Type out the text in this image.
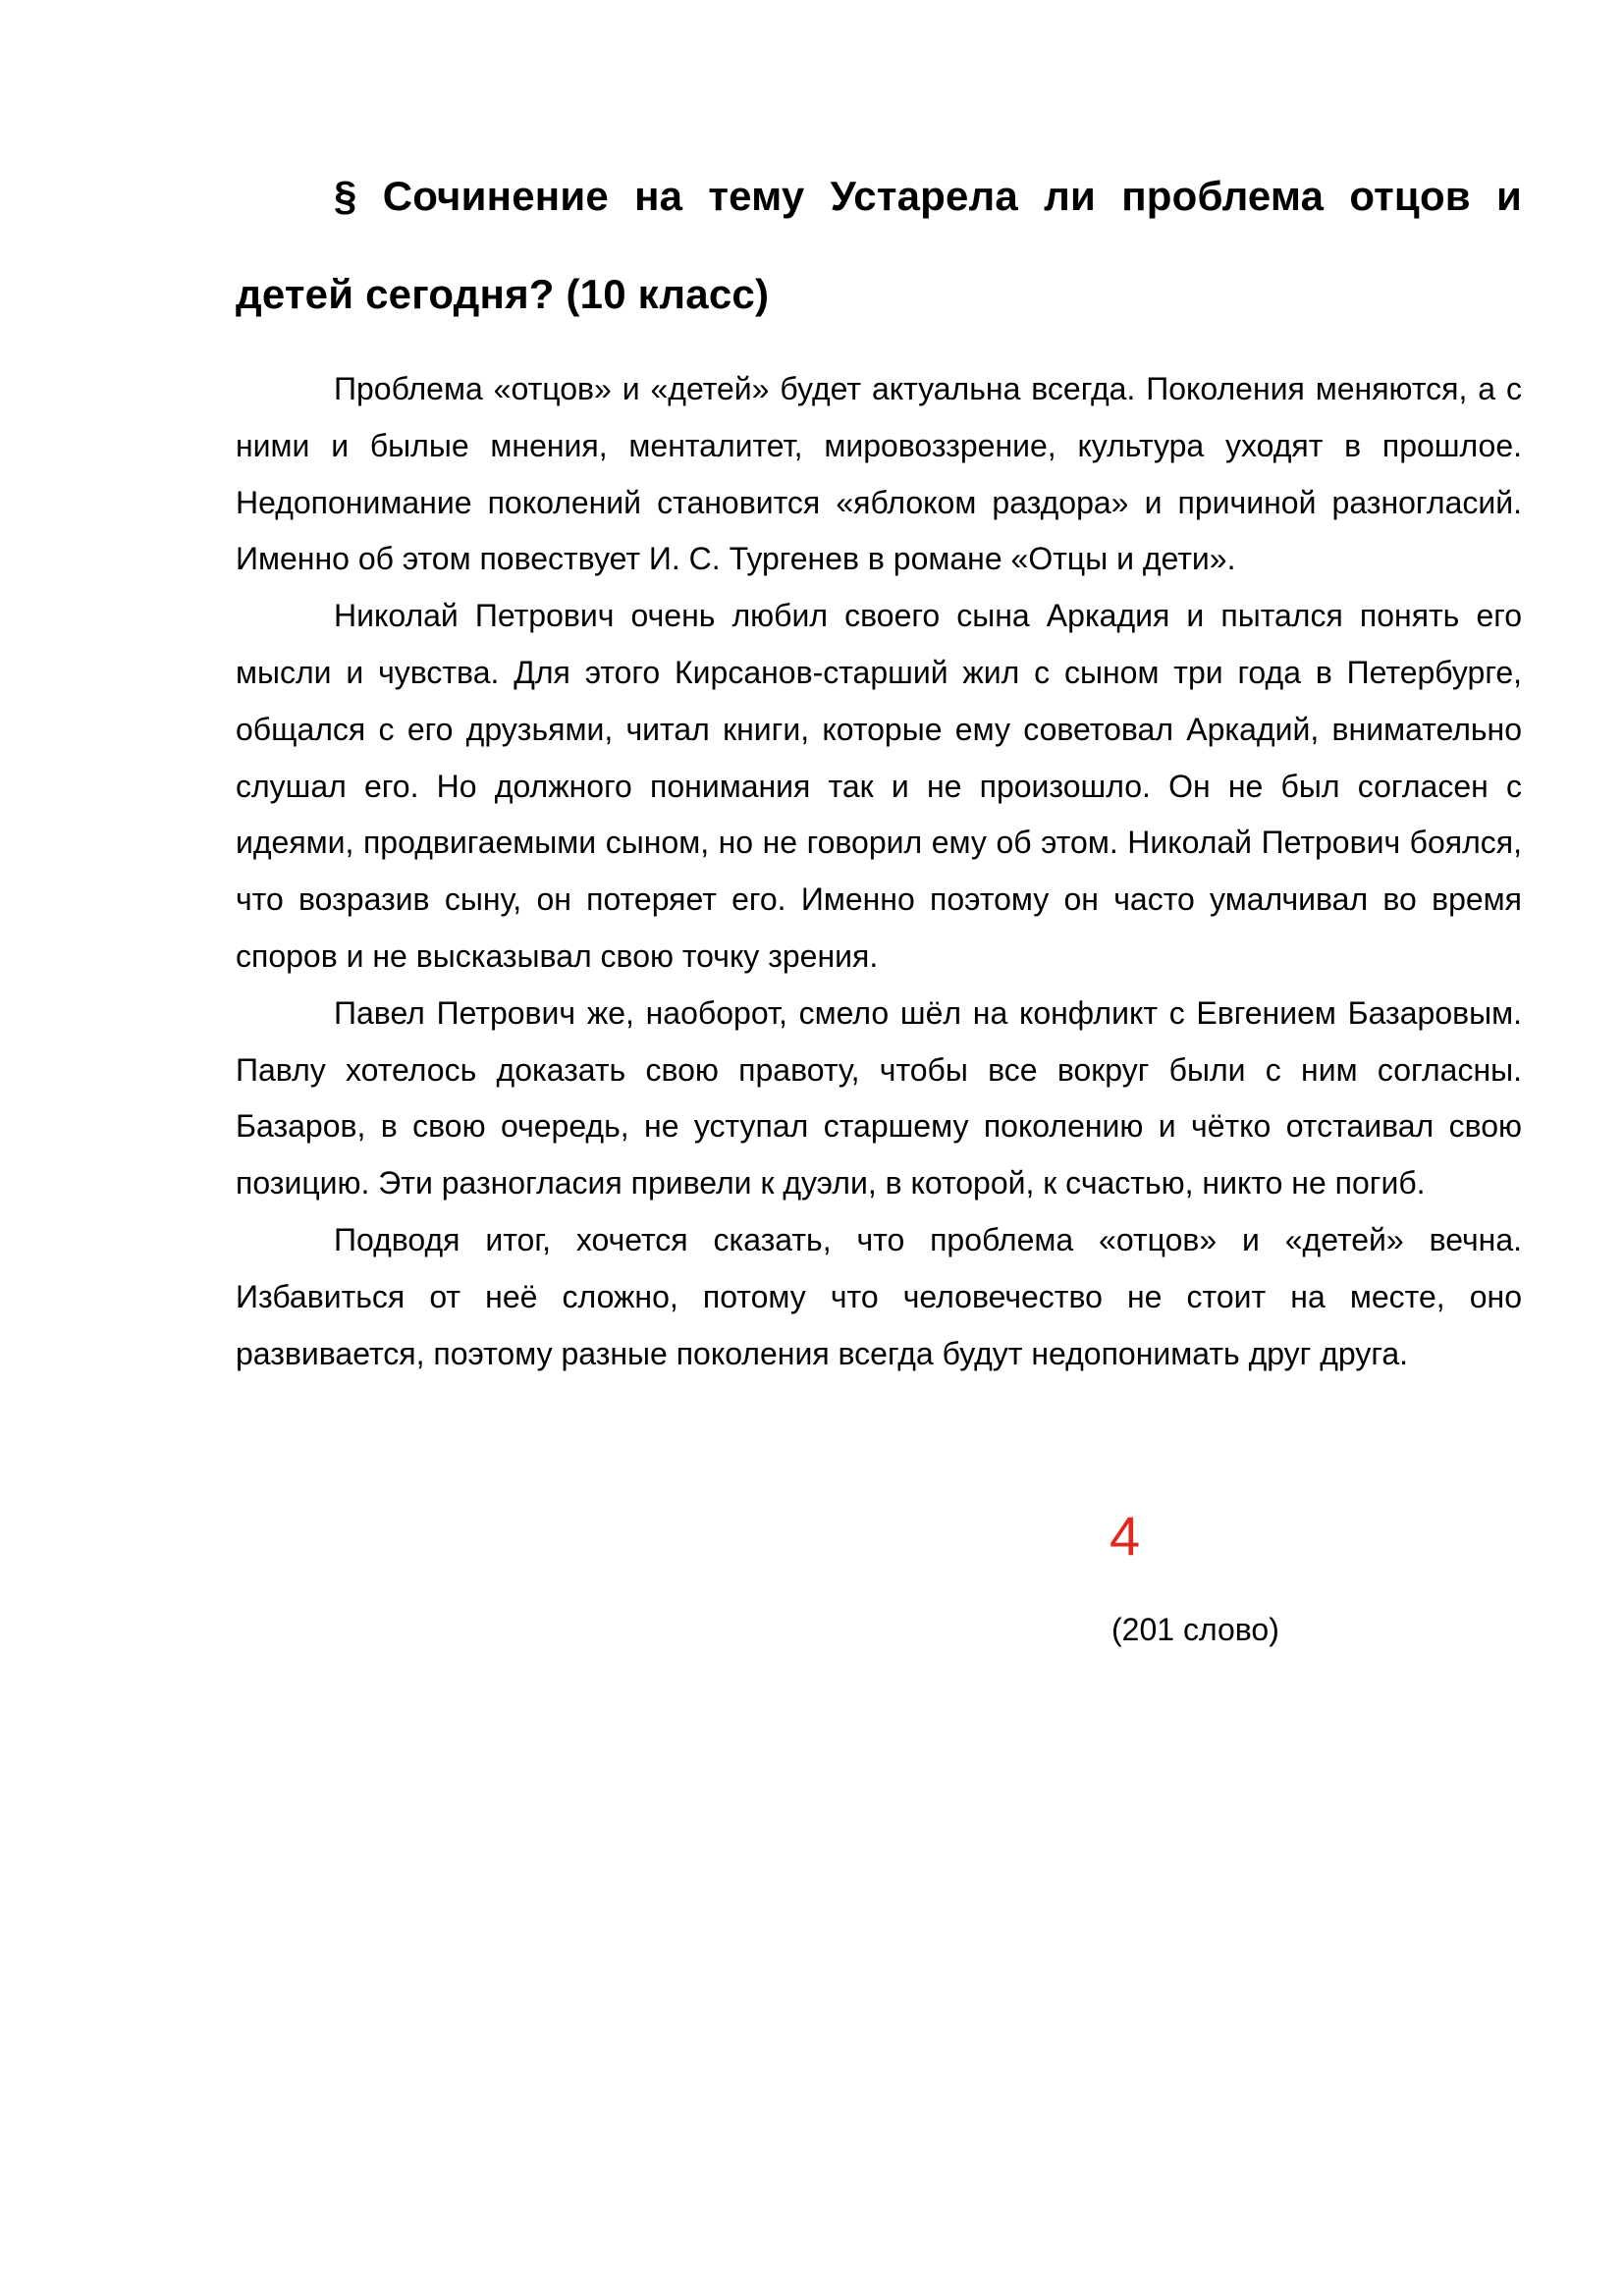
§ Сочинение на тему Устарела ли проблема отцов и детей сегодня? (10 класс)

Проблема «отцов» и «детей» будет актуальна всегда. Поколения меняются, а с ними и былые мнения, менталитет, мировоззрение, культура уходят в прошлое. Недопонимание поколений становится «яблоком раздора» и причиной разногласий. Именно об этом повествует И. С. Тургенев в романе «Отцы и дети».

Николай Петрович очень любил своего сына Аркадия и пытался понять его мысли и чувства. Для этого Кирсанов-старший жил с сыном три года в Петербурге, общался с его друзьями, читал книги, которые ему советовал Аркадий, внимательно слушал его. Но должного понимания так и не произошло. Он не был согласен с идеями, продвигаемыми сыном, но не говорил ему об этом. Николай Петрович боялся, что возразив сыну, он потеряет его. Именно поэтому он часто умалчивал во время споров и не высказывал свою точку зрения.

Павел Петрович же, наоборот, смело шёл на конфликт с Евгением Базаровым. Павлу хотелось доказать свою правоту, чтобы все вокруг были с ним согласны. Базаров, в свою очередь, не уступал старшему поколению и чётко отстаивал свою позицию. Эти разногласия привели к дуэли, в которой, к счастью, никто не погиб.

Подводя итог, хочется сказать, что проблема «отцов» и «детей» вечна. Избавиться от неё сложно, потому что человечество не стоит на месте, оно развивается, поэтому разные поколения всегда будут недопонимать друг друга.

4
(201 слово)
